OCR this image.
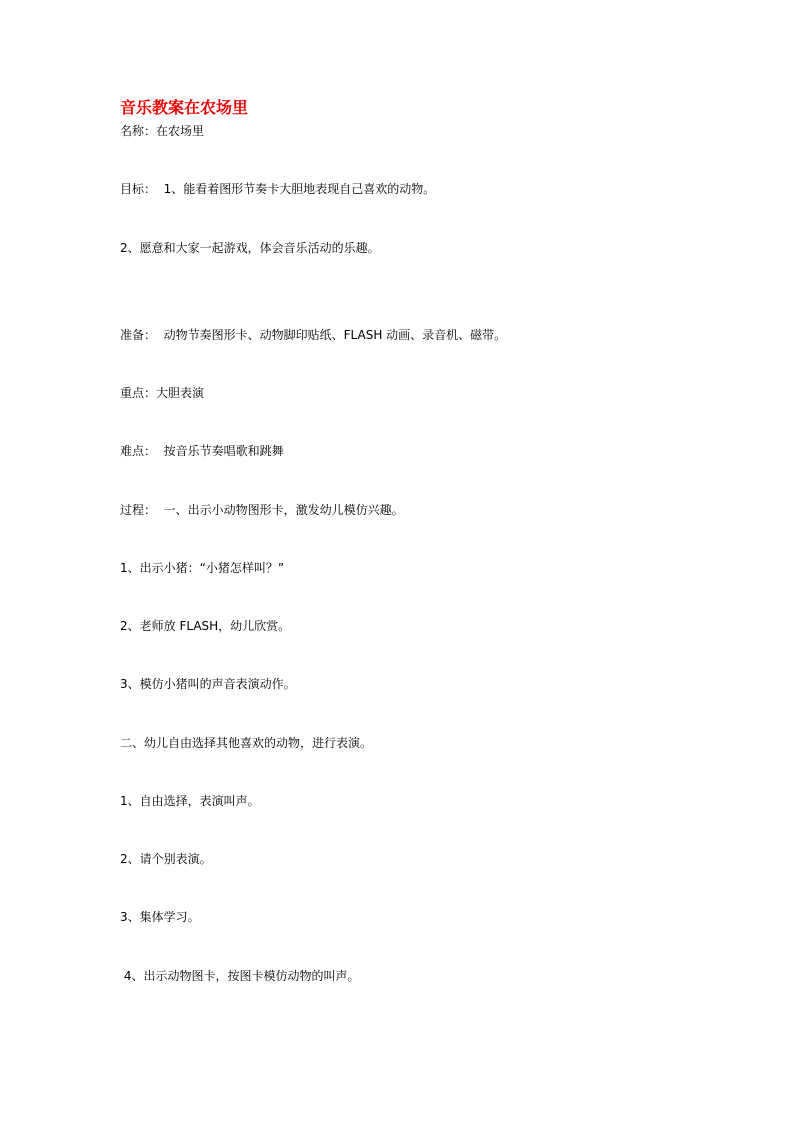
音乐教案在农场里
名称：在农场里
目标：  1、能看着图形节奏卡大胆地表现自己喜欢的动物。
2、愿意和大家一起游戏，体会音乐活动的乐趣。
准备：  动物节奏图形卡、动物脚印贴纸、FLASH 动画、录音机、磁带。
重点：大胆表演
难点：  按音乐节奏唱歌和跳舞
过程：  一、出示小动物图形卡，激发幼儿模仿兴趣。
1、出示小猪：“小猪怎样叫？”
2、老师放 FLASH，幼儿欣赏。
3、模仿小猪叫的声音表演动作。
二、幼儿自由选择其他喜欢的动物，进行表演。
1、自由选择，表演叫声。
2、请个别表演。
3、集体学习。
4、出示动物图卡，按图卡模仿动物的叫声。
